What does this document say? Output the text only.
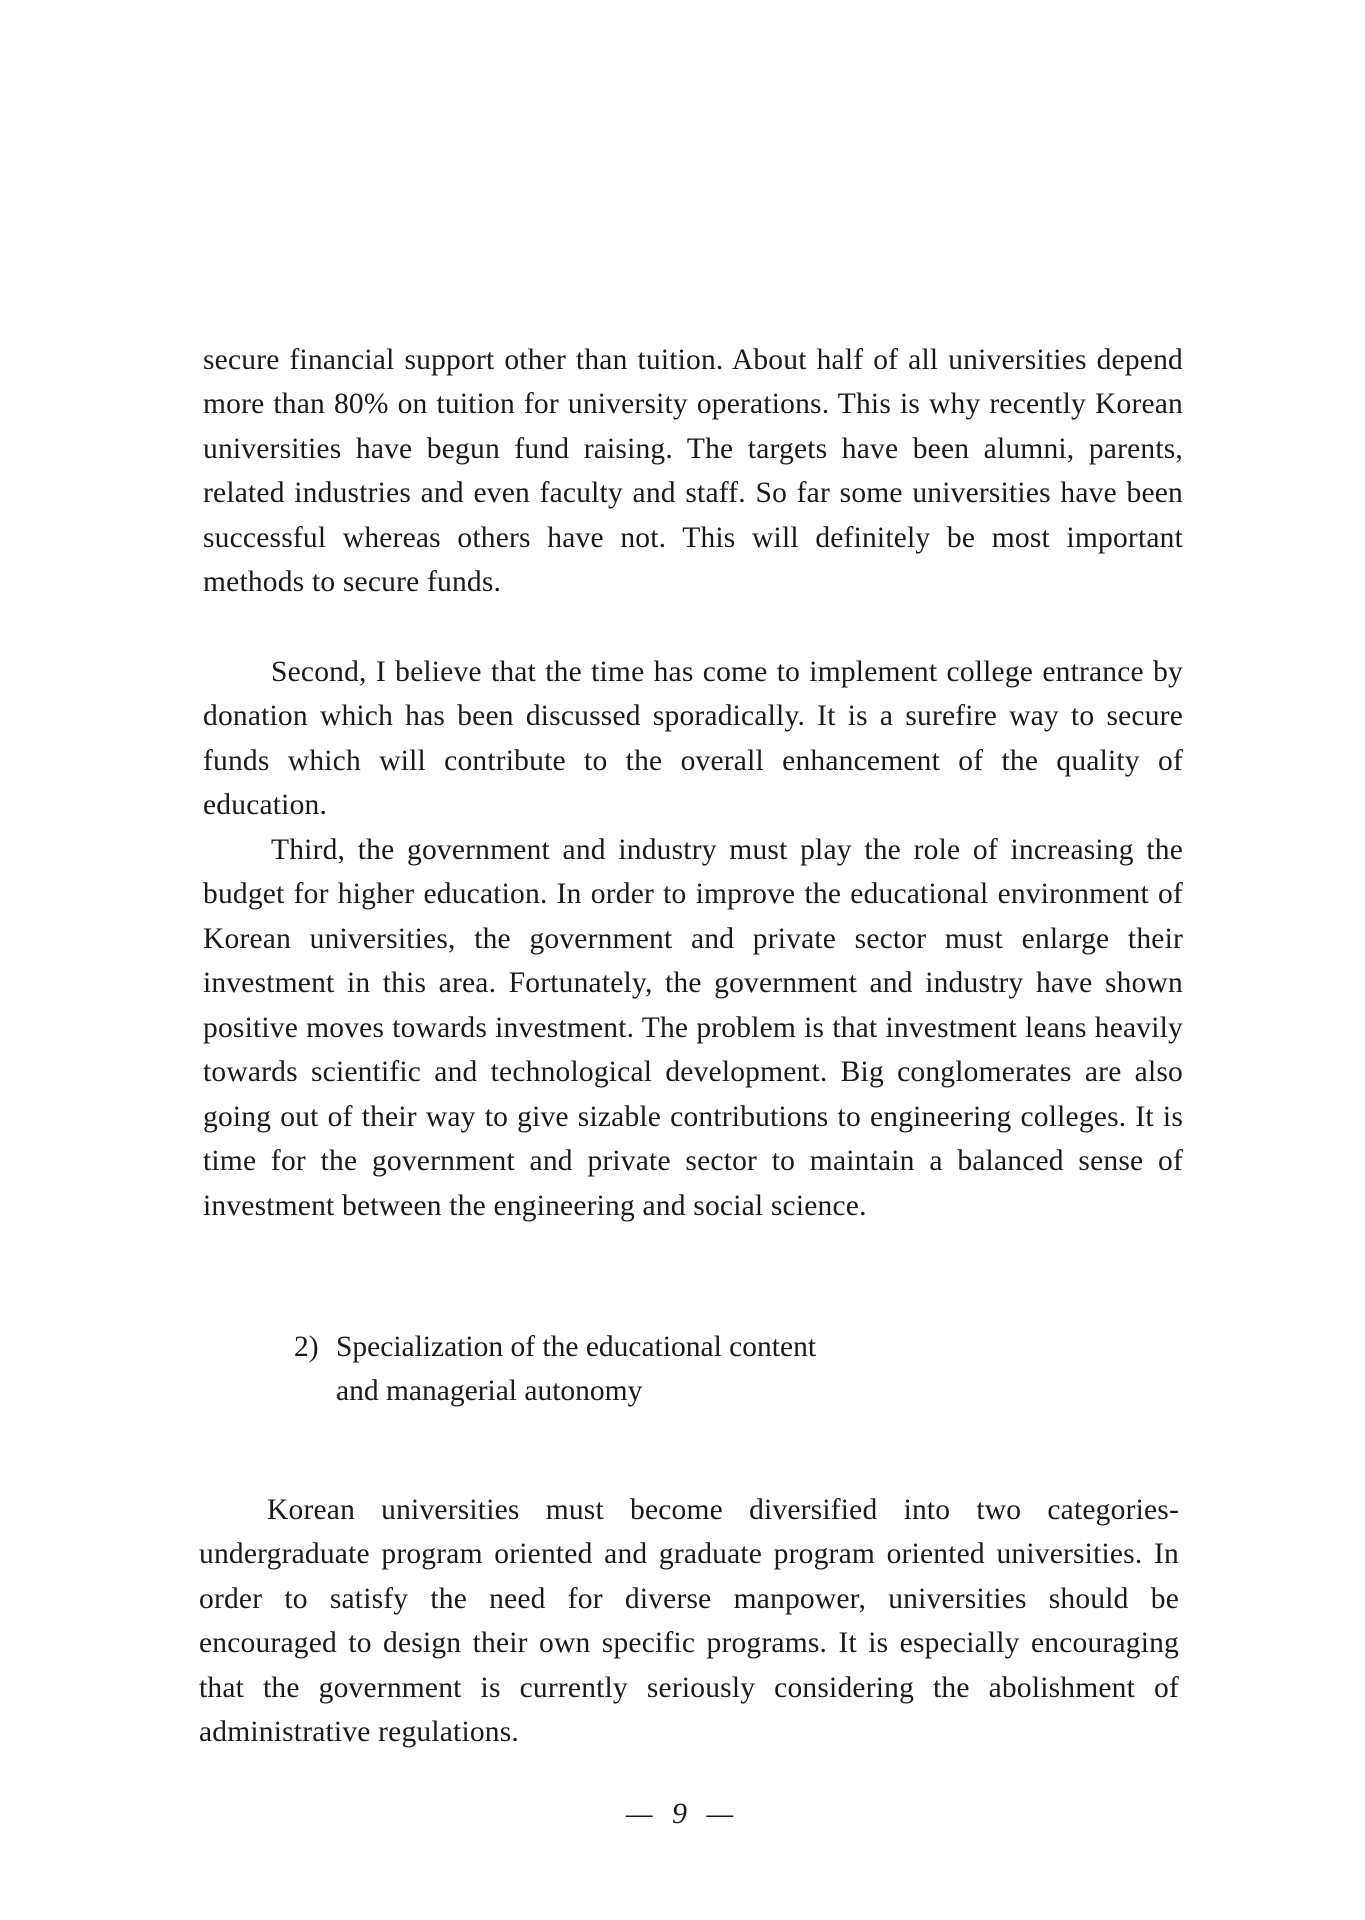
secure financial support other than tuition. About half of all universities depend more than 80% on tuition for university operations. This is why recently Korean universities have begun fund raising. The targets have been alumni, parents, related industries and even faculty and staff. So far some universities have been successful whereas others have not. This will definitely be most important methods to secure funds.

Second, I believe that the time has come to implement college entrance by donation which has been discussed sporadically. It is a surefire way to secure funds which will contribute to the overall enhancement of the quality of education.

Third, the government and industry must play the role of increasing the budget for higher education. In order to improve the educational environment of Korean universities, the government and private sector must enlarge their investment in this area. Fortunately, the government and industry have shown positive moves towards investment. The problem is that investment leans heavily towards scientific and technological development. Big conglomerates are also going out of their way to give sizable contributions to engineering colleges. It is time for the government and private sector to maintain a balanced sense of investment between the engineering and social science.

2) Specialization of the educational content
and managerial autonomy

Korean universities must become diversified into two categories- undergraduate program oriented and graduate program oriented universities. In order to satisfy the need for diverse manpower, universities should be encouraged to design their own specific programs. It is especially encouraging that the government is currently seriously considering the abolishment of administrative regulations.

— 9 —
